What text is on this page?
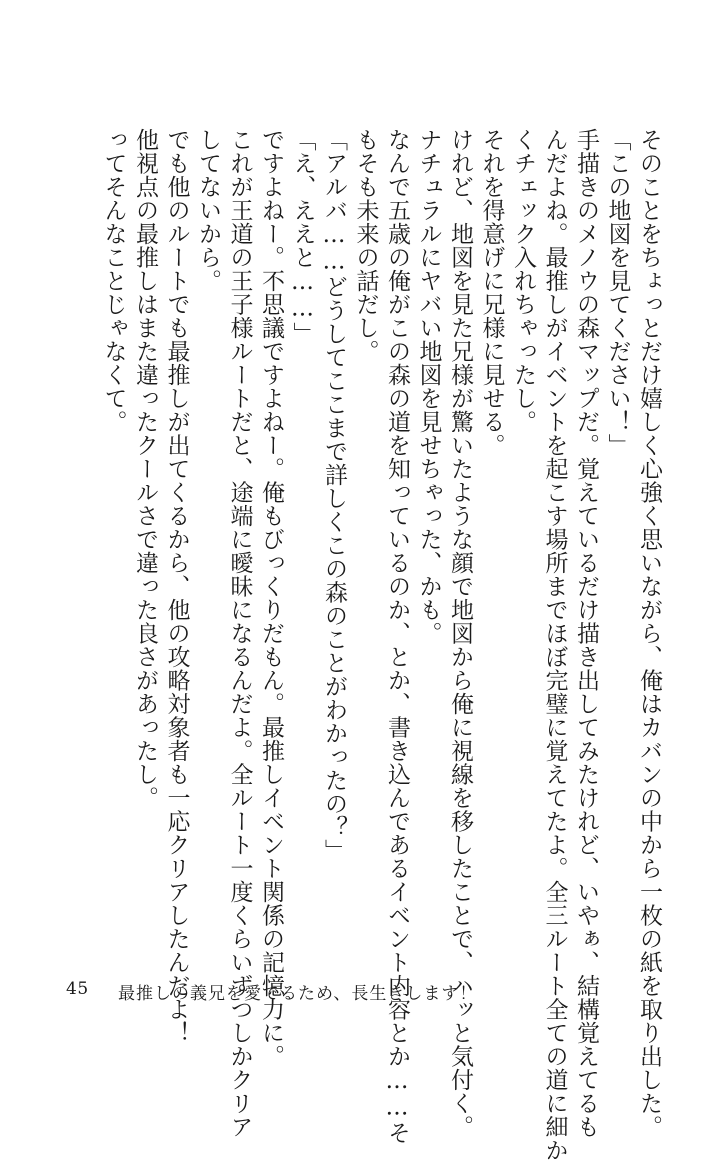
そのことをちょっとだけ嬉しく心強く思いながら、俺はカバンの中から一枚の紙を取り出した。
「この地図を見てください！」
手描きのメノウの森マップだ。覚えているだけ描き出してみたけれど、いやぁ、結構覚えてるも
んだよね。最推しがイベントを起こす場所までほぼ完璧に覚えてたよ。全三ルート全ての道に細か
くチェック入れちゃったし。
それを得意げに兄様に見せる。
けれど、地図を見た兄様が驚いたような顔で地図から俺に視線を移したことで、ハッと気付く。
ナチュラルにヤバい地図を見せちゃった、かも。
なんで五歳の俺がこの森の道を知っているのか、とか、書き込んであるイベント内容とか……そ
もそも未来の話だし。
「アルバ……どうしてここまで詳しくこの森のことがわかったの？」
「え、ええと……」
ですよねー。不思議ですよねー。俺もびっくりだもん。最推しイベント関係の記憶力に。
これが王道の王子様ルートだと、途端に曖昧になるんだよ。全ルート一度くらいずつしかクリア
してないから。
でも他のルートでも最推しが出てくるから、他の攻略対象者も一応クリアしたんだよ！
他視点の最推しはまた違ったクールさで違った良さがあったし。
ってそんなことじゃなくて。
45 最推しの義兄を愛でるため、長生きします！
